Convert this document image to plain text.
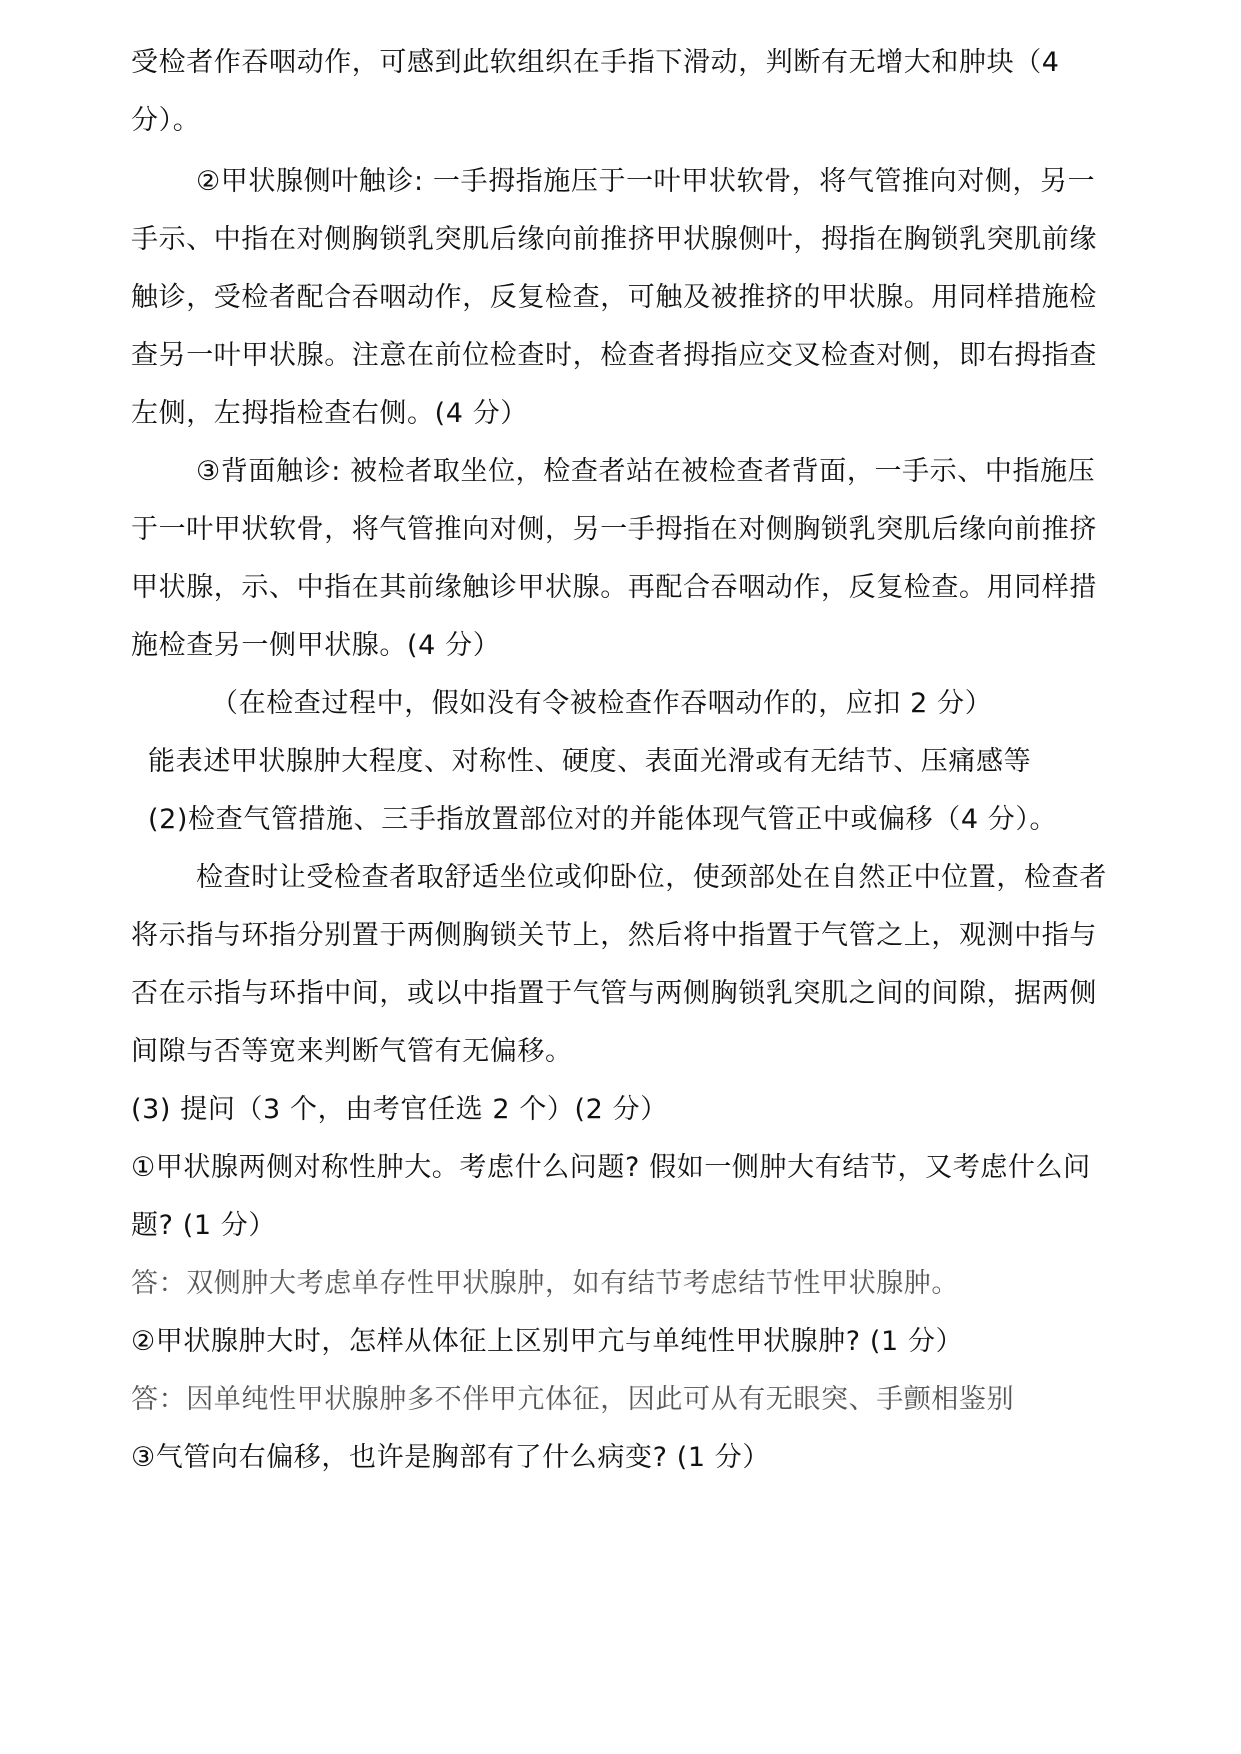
受检者作吞咽动作，可感到此软组织在手指下滑动，判断有无增大和肿块（4
分）。
②甲状腺侧叶触诊: 一手拇指施压于一叶甲状软骨，将气管推向对侧，另一
手示、中指在对侧胸锁乳突肌后缘向前推挤甲状腺侧叶，拇指在胸锁乳突肌前缘
触诊，受检者配合吞咽动作，反复检查，可触及被推挤的甲状腺。用同样措施检
查另一叶甲状腺。注意在前位检查时，检查者拇指应交叉检查对侧，即右拇指查
左侧，左拇指检查右侧。(4 分）
③背面触诊: 被检者取坐位，检查者站在被检查者背面，一手示、中指施压
于一叶甲状软骨，将气管推向对侧，另一手拇指在对侧胸锁乳突肌后缘向前推挤
甲状腺，示、中指在其前缘触诊甲状腺。再配合吞咽动作，反复检查。用同样措
施检查另一侧甲状腺。(4 分）
（在检查过程中，假如没有令被检查作吞咽动作的，应扣 2 分）
能表述甲状腺肿大程度、对称性、硬度、表面光滑或有无结节、压痛感等
(2)检查气管措施、三手指放置部位对的并能体现气管正中或偏移（4 分）。
检查时让受检查者取舒适坐位或仰卧位，使颈部处在自然正中位置，检查者
将示指与环指分别置于两侧胸锁关节上，然后将中指置于气管之上，观测中指与
否在示指与环指中间，或以中指置于气管与两侧胸锁乳突肌之间的间隙，据两侧
间隙与否等宽来判断气管有无偏移。
(3) 提问（3 个，由考官任选 2 个）(2 分）
①甲状腺两侧对称性肿大。考虑什么问题? 假如一侧肿大有结节，又考虑什么问
题? (1 分）
答：双侧肿大考虑单存性甲状腺肿，如有结节考虑结节性甲状腺肿。
②甲状腺肿大时，怎样从体征上区别甲亢与单纯性甲状腺肿? (1 分）
答：因单纯性甲状腺肿多不伴甲亢体征，因此可从有无眼突、手颤相鉴别
③气管向右偏移，也许是胸部有了什么病变? (1 分）
